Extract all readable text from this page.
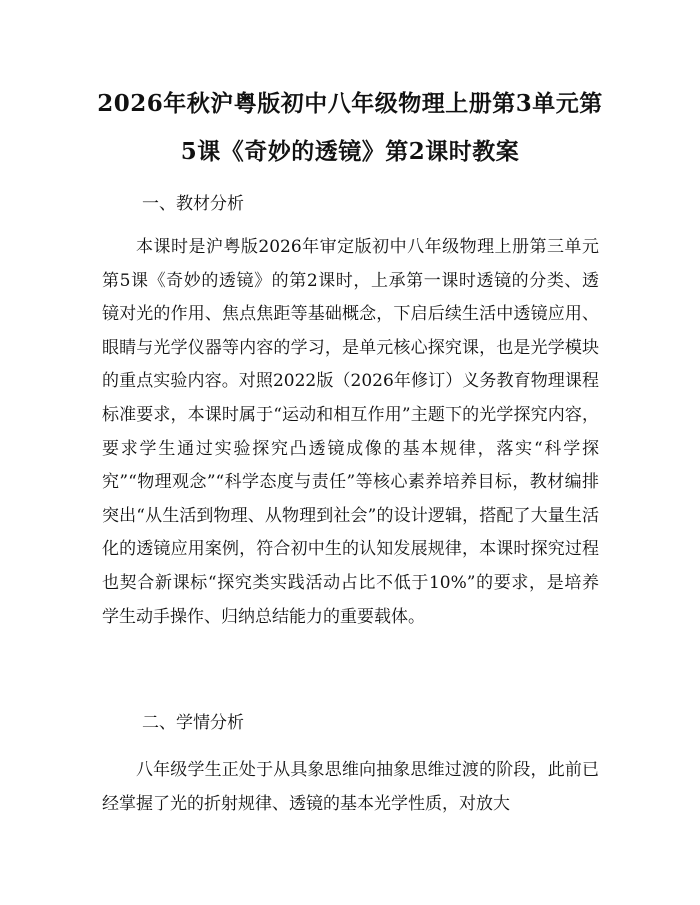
2026年秋沪粤版初中八年级物理上册第3单元第5课《奇妙的透镜》第2课时教案
一、教材分析

本课时是沪粤版2026年审定版初中八年级物理上册第三单元第5课《奇妙的透镜》的第2课时，上承第一课时透镜的分类、透镜对光的作用、焦点焦距等基础概念，下启后续生活中透镜应用、眼睛与光学仪器等内容的学习，是单元核心探究课，也是光学模块的重点实验内容。对照2022版（2026年修订）义务教育物理课程标准要求，本课时属于“运动和相互作用”主题下的光学探究内容，要求学生通过实验探究凸透镜成像的基本规律，落实“科学探究”“物理观念”“科学态度与责任”等核心素养培养目标，教材编排突出“从生活到物理、从物理到社会”的设计逻辑，搭配了大量生活化的透镜应用案例，符合初中生的认知发展规律，本课时探究过程也契合新课标“探究类实践活动占比不低于10%”的要求，是培养学生动手操作、归纳总结能力的重要载体。

二、学情分析

八年级学生正处于从具象思维向抽象思维过渡的阶段，此前已经掌握了光的折射规律、透镜的基本光学性质，对放大
